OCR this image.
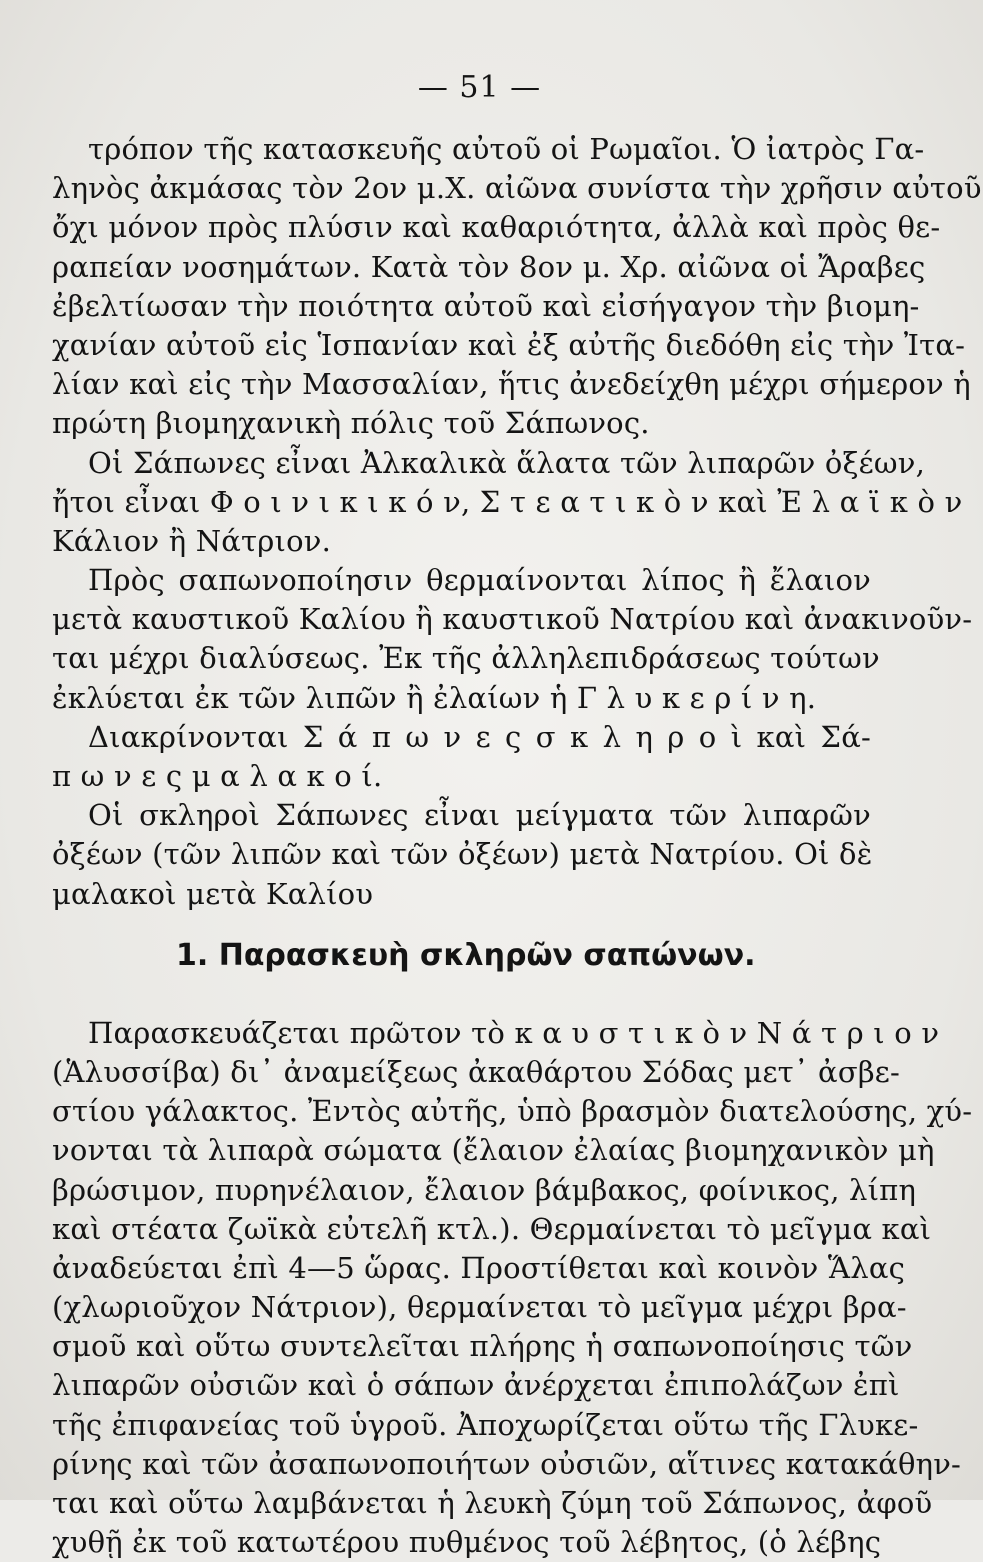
— 51 —
τρόπον τῆς κατασκευῆς αὐτοῦ οἱ Ρωμαῖοι. Ὁ ἰατρὸς Γα-
ληνὸς ἀκμάσας τὸν 2ον μ.Χ. αἰῶνα συνίστα τὴν χρῆσιν αὐτοῦ
ὄχι μόνον πρὸς πλύσιν καὶ καθαριότητα, ἀλλὰ καὶ πρὸς θε-
ραπείαν νοσημάτων. Κατὰ τὸν 8ον μ. Χρ. αἰῶνα οἱ Ἄραβες
ἐβελτίωσαν τὴν ποιότητα αὐτοῦ καὶ εἰσήγαγον τὴν βιομη-
χανίαν αὐτοῦ εἰς Ἱσπανίαν καὶ ἐξ αὐτῆς διεδόθη εἰς τὴν Ἰτα-
λίαν καὶ εἰς τὴν Μασσαλίαν, ἥτις ἀνεδείχθη μέχρι σήμερον ἡ
πρώτη βιομηχανικὴ πόλις τοῦ Σάπωνος.
Οἱ Σάπωνες εἶναι Ἀλκαλικὰ ἅλατα τῶν λιπαρῶν ὀξέων,
ἤτοι εἶναι Φ ο ι ν ι κ ι κ ό ν, Σ τ ε α τ ι κ ὸ ν καὶ Ἐ λ α ϊ κ ὸ ν
Κάλιον ἢ Νάτριον.
Πρὸς σαπωνοποίησιν θερμαίνονται λίπος ἢ ἔλαιον
μετὰ καυστικοῦ Καλίου ἢ καυστικοῦ Νατρίου καὶ ἀνακινοῦν-
ται μέχρι διαλύσεως. Ἐκ τῆς ἀλληλεπιδράσεως τούτων
ἐκλύεται ἐκ τῶν λιπῶν ἢ ἐλαίων ἡ Γ λ υ κ ε ρ ί ν η.
Διακρίνονται Σ ά π ω ν ε ς σ κ λ η ρ ο ὶ καὶ Σά-
π ω ν ε ς μ α λ α κ ο ί.
Οἱ σκληροὶ Σάπωνες εἶναι μείγματα τῶν λιπαρῶν
ὀξέων (τῶν λιπῶν καὶ τῶν ὀξέων) μετὰ Νατρίου. Οἱ δὲ
μαλακοὶ μετὰ Καλίου
1. Παρασκευὴ σκληρῶν σαπώνων.
Παρασκευάζεται πρῶτον τὸ κ α υ σ τ ι κ ὸ ν Ν ά τ ρ ι ο ν
(Ἁλυσσίβα) δι᾽ ἀναμείξεως ἀκαθάρτου Σόδας μετ᾽ ἀσβε-
στίου γάλακτος. Ἐντὸς αὐτῆς, ὑπὸ βρασμὸν διατελούσης, χύ-
νονται τὰ λιπαρὰ σώματα (ἔλαιον ἐλαίας βιομηχανικὸν μὴ
βρώσιμον, πυρηνέλαιον, ἔλαιον βάμβακος, φοίνικος, λίπη
καὶ στέατα ζωϊκὰ εὐτελῆ κτλ.). Θερμαίνεται τὸ μεῖγμα καὶ
ἀναδεύεται ἐπὶ 4—5 ὥρας. Προστίθεται καὶ κοινὸν Ἅλας
(χλωριοῦχον Νάτριον), θερμαίνεται τὸ μεῖγμα μέχρι βρα-
σμοῦ καὶ οὕτω συντελεῖται πλήρης ἡ σαπωνοποίησις τῶν
λιπαρῶν οὐσιῶν καὶ ὁ σάπων ἀνέρχεται ἐπιπολάζων ἐπὶ
τῆς ἐπιφανείας τοῦ ὑγροῦ. Ἀποχωρίζεται οὕτω τῆς Γλυκε-
ρίνης καὶ τῶν ἀσαπωνοποιήτων οὐσιῶν, αἵτινες κατακάθην-
ται καὶ οὕτω λαμβάνεται ἡ λευκὴ ζύμη τοῦ Σάπωνος, ἀφοῦ
χυθῇ ἐκ τοῦ κατωτέρου πυθμένος τοῦ λέβητος, (ὁ λέβης
